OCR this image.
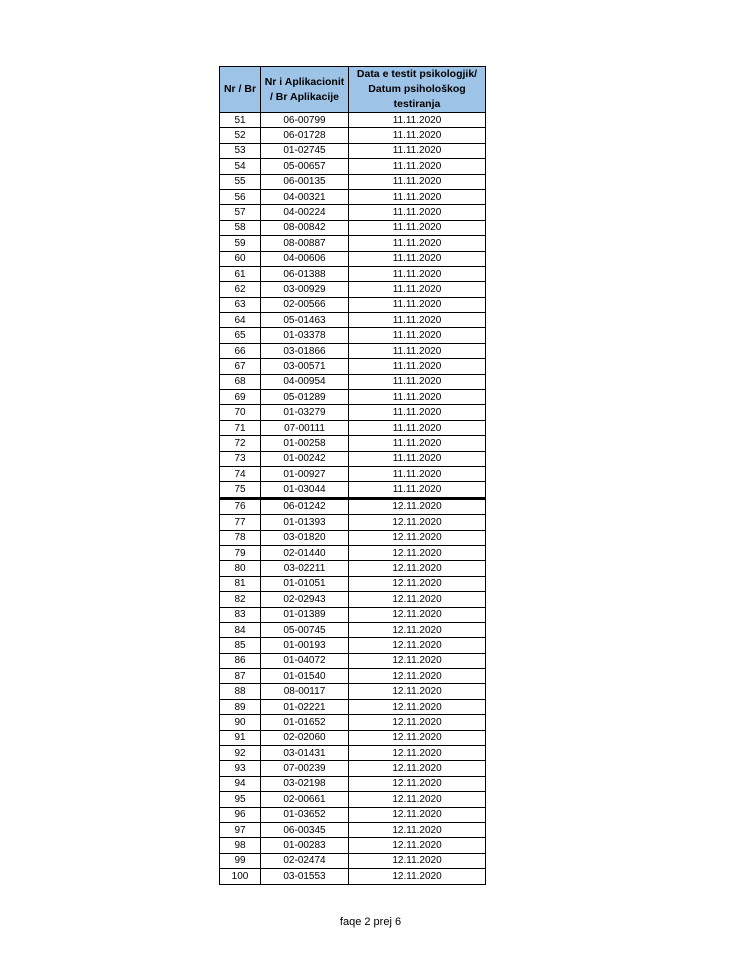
Nr / Br	Nr i Aplikacionit / Br Aplikacije	Data e testit psikologjik/ Datum psihološkog testiranja
51	06-00799	11.11.2020
52	06-01728	11.11.2020
53	01-02745	11.11.2020
54	05-00657	11.11.2020
55	06-00135	11.11.2020
56	04-00321	11.11.2020
57	04-00224	11.11.2020
58	08-00842	11.11.2020
59	08-00887	11.11.2020
60	04-00606	11.11.2020
61	06-01388	11.11.2020
62	03-00929	11.11.2020
63	02-00566	11.11.2020
64	05-01463	11.11.2020
65	01-03378	11.11.2020
66	03-01866	11.11.2020
67	03-00571	11.11.2020
68	04-00954	11.11.2020
69	05-01289	11.11.2020
70	01-03279	11.11.2020
71	07-00111	11.11.2020
72	01-00258	11.11.2020
73	01-00242	11.11.2020
74	01-00927	11.11.2020
75	01-03044	11.11.2020
76	06-01242	12.11.2020
77	01-01393	12.11.2020
78	03-01820	12.11.2020
79	02-01440	12.11.2020
80	03-02211	12.11.2020
81	01-01051	12.11.2020
82	02-02943	12.11.2020
83	01-01389	12.11.2020
84	05-00745	12.11.2020
85	01-00193	12.11.2020
86	01-04072	12.11.2020
87	01-01540	12.11.2020
88	08-00117	12.11.2020
89	01-02221	12.11.2020
90	01-01652	12.11.2020
91	02-02060	12.11.2020
92	03-01431	12.11.2020
93	07-00239	12.11.2020
94	03-02198	12.11.2020
95	02-00661	12.11.2020
96	01-03652	12.11.2020
97	06-00345	12.11.2020
98	01-00283	12.11.2020
99	02-02474	12.11.2020
100	03-01553	12.11.2020
faqe 2 prej 6
